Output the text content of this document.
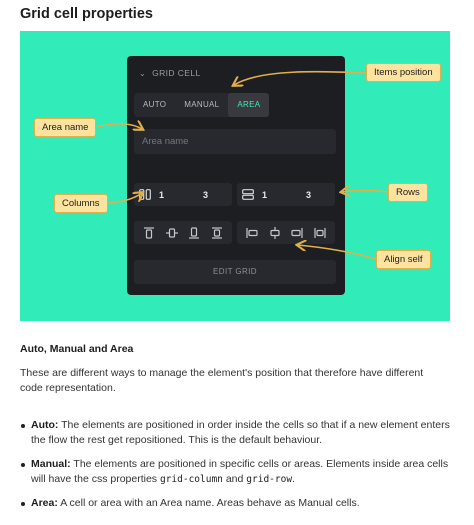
Grid cell properties
⌄ GRID CELL
AUTO	MANUAL	AREA
Area name
1	3	1	3
EDIT GRID
Items position
Area name
Columns
Rows
Align self
Auto, Manual and Area

These are different ways to manage the element's position that therefore have different code representation.

Auto: The elements are positioned in order inside the cells so that if a new element enters the flow the rest get repositioned. This is the default behaviour.
Manual: The elements are positioned in specific cells or areas. Elements inside area cells will have the css properties grid-column and grid-row.
Area: A cell or area with an Area name. Areas behave as Manual cells.
